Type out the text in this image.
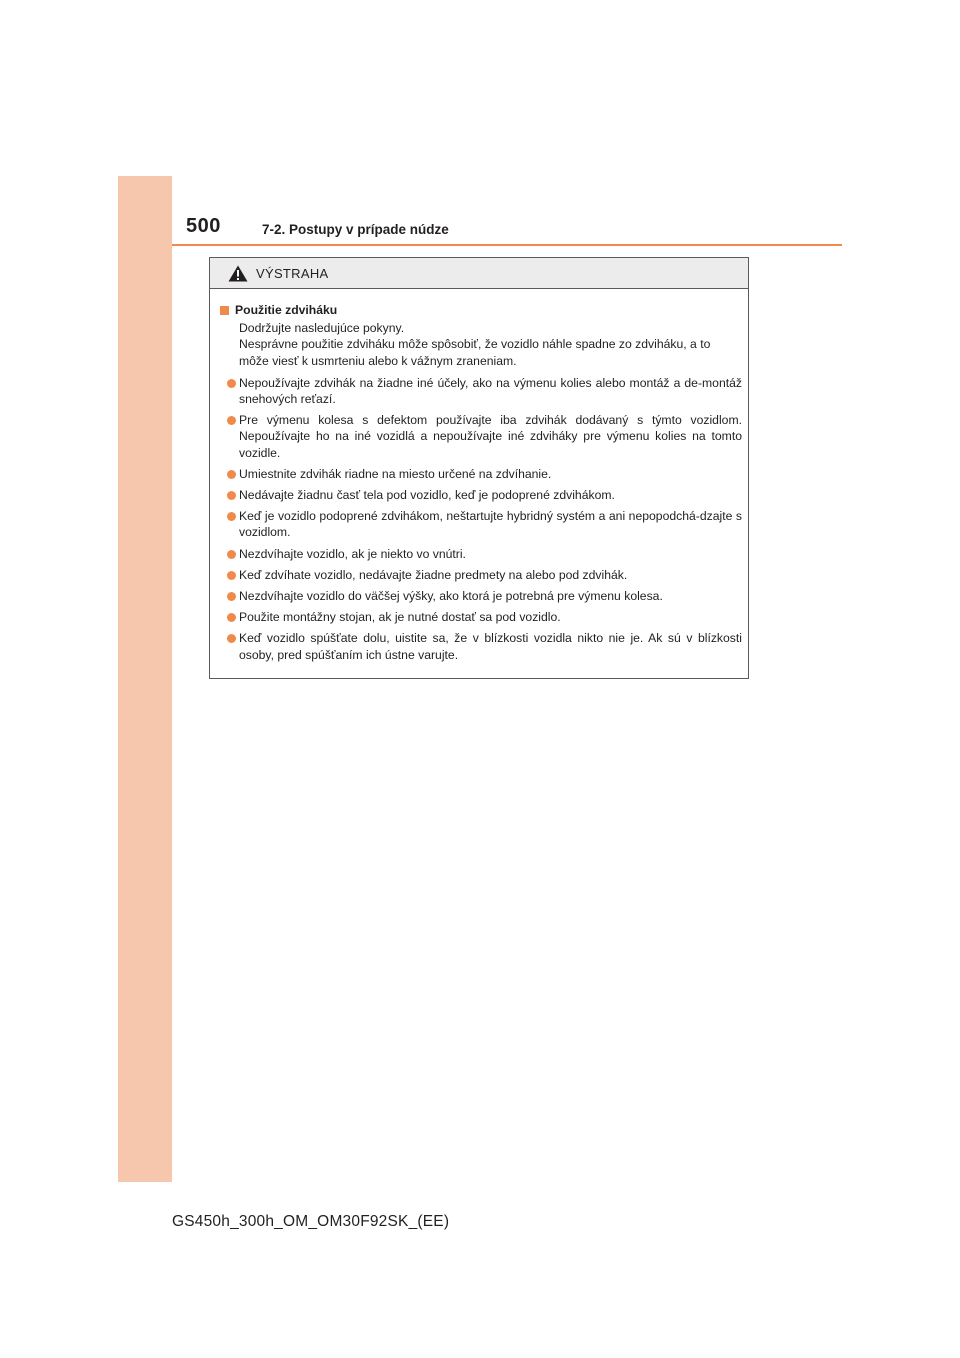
500	7-2. Postupy v prípade núdze
VÝSTRAHA
Použitie zdviháku
Dodržujte nasledujúce pokyny.
Nesprávne použitie zdviháku môže spôsobiť, že vozidlo náhle spadne zo zdviháku, a to môže viesť k usmrteniu alebo k vážnym zraneniam.
Nepoužívajte zdvihák na žiadne iné účely, ako na výmenu kolies alebo montáž a de-montáž snehových reťazí.
Pre výmenu kolesa s defektom používajte iba zdvihák dodávaný s týmto vozidlom. Nepoužívajte ho na iné vozidlá a nepoužívajte iné zdviháky pre výmenu kolies na tomto vozidle.
Umiestnite zdvihák riadne na miesto určené na zdvíhanie.
Nedávajte žiadnu časť tela pod vozidlo, keď je podoprené zdvihákom.
Keď je vozidlo podoprené zdvihákom, neštartujte hybridný systém a ani nepopodchá-dzajte s vozidlom.
Nezdvíhajte vozidlo, ak je niekto vo vnútri.
Keď zdvíhate vozidlo, nedávajte žiadne predmety na alebo pod zdvihák.
Nezdvíhajte vozidlo do väčšej výšky, ako ktorá je potrebná pre výmenu kolesa.
Použite montážny stojan, ak je nutné dostať sa pod vozidlo.
Keď vozidlo spúšťate dolu, uistite sa, že v blízkosti vozidla nikto nie je. Ak sú v blízkosti osoby, pred spúšťaním ich ústne varujte.
GS450h_300h_OM_OM30F92SK_(EE)
